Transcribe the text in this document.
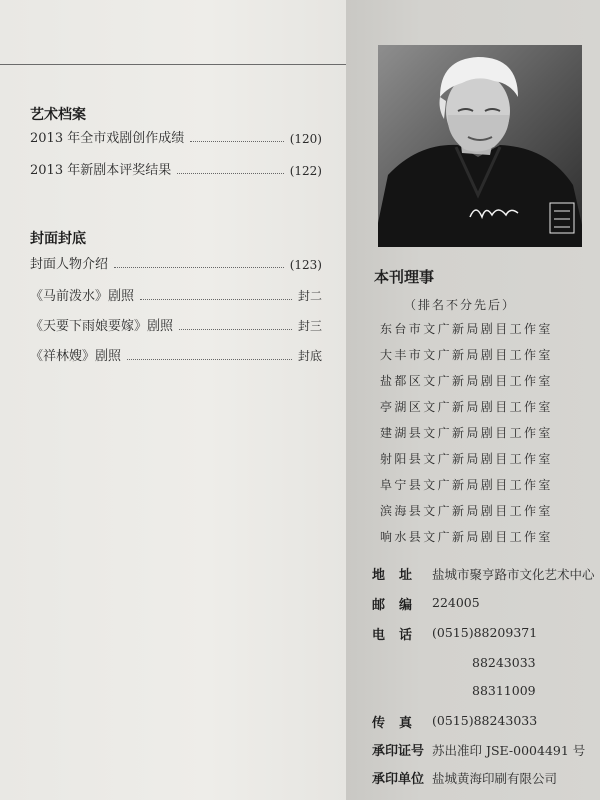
艺术档案
2013 年全市戏剧创作成绩	(120)
2013 年新剧本评奖结果	(122)
封面封底
封面人物介绍	(123)
《马前泼水》剧照	封二
《天要下雨娘要嫁》剧照	封三
《祥林嫂》剧照	封底
本刊理事
（排名不分先后）
东台市文广新局剧目工作室
大丰市文广新局剧目工作室
盐都区文广新局剧目工作室
亭湖区文广新局剧目工作室
建湖县文广新局剧目工作室
射阳县文广新局剧目工作室
阜宁县文广新局剧目工作室
滨海县文广新局剧目工作室
响水县文广新局剧目工作室
地址 盐城市聚亨路市文化艺术中心
邮编 224005
电话 (0515)88209371
88243033
88311009
传真 (0515)88243033
承印证号 苏出准印 JSE-0004491 号
承印单位 盐城黄海印刷有限公司
